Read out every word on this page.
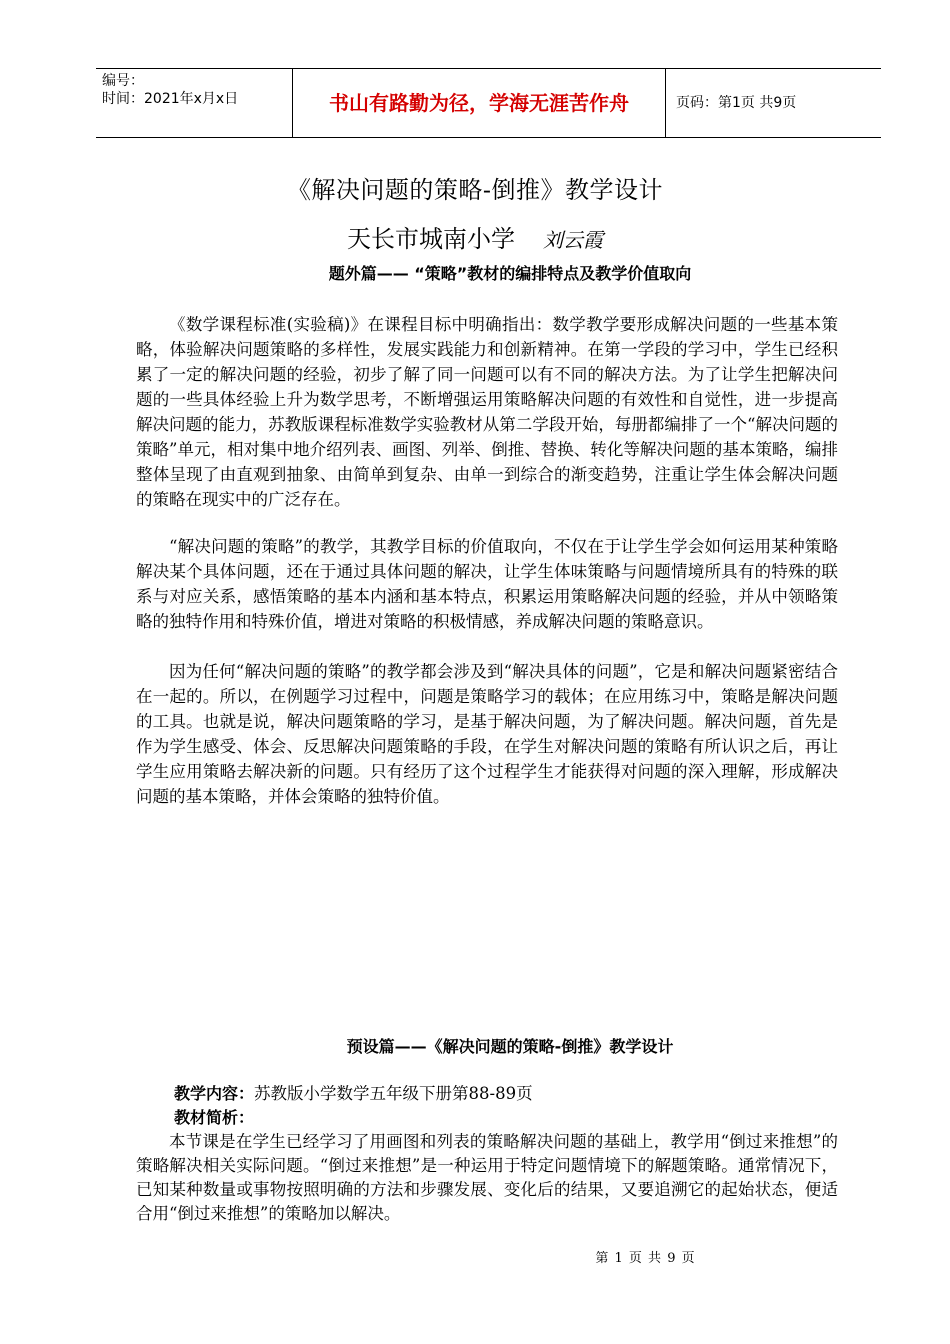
编号：
时间：2021年x月x日	书山有路勤为径，学海无涯苦作舟	页码：第1页 共9页
《解决问题的策略-倒推》教学设计
天长市城南小学 刘云霞
题外篇—— “策略”教材的编排特点及教学价值取向

《数学课程标准(实验稿)》在课程目标中明确指出：数学教学要形成解决问题的一些基本策略，体验解决问题策略的多样性，发展实践能力和创新精神。在第一学段的学习中，学生已经积累了一定的解决问题的经验，初步了解了同一问题可以有不同的解决方法。为了让学生把解决问题的一些具体经验上升为数学思考，不断增强运用策略解决问题的有效性和自觉性，进一步提高解决问题的能力，苏教版课程标准数学实验教材从第二学段开始，每册都编排了一个“解决问题的策略”单元，相对集中地介绍列表、画图、列举、倒推、替换、转化等解决问题的基本策略，编排整体呈现了由直观到抽象、由简单到复杂、由单一到综合的渐变趋势，注重让学生体会解决问题的策略在现实中的广泛存在。

“解决问题的策略”的教学，其教学目标的价值取向，不仅在于让学生学会如何运用某种策略解决某个具体问题，还在于通过具体问题的解决，让学生体味策略与问题情境所具有的特殊的联系与对应关系，感悟策略的基本内涵和基本特点，积累运用策略解决问题的经验，并从中领略策略的独特作用和特殊价值，增进对策略的积极情感，养成解决问题的策略意识。

因为任何“解决问题的策略”的教学都会涉及到“解决具体的问题”，它是和解决问题紧密结合在一起的。所以，在例题学习过程中，问题是策略学习的载体；在应用练习中，策略是解决问题的工具。也就是说，解决问题策略的学习，是基于解决问题，为了解决问题。解决问题，首先是作为学生感受、体会、反思解决问题策略的手段，在学生对解决问题的策略有所认识之后，再让学生应用策略去解决新的问题。只有经历了这个过程学生才能获得对问题的深入理解，形成解决问题的基本策略，并体会策略的独特价值。

预设篇——《解决问题的策略-倒推》教学设计
教学内容：苏教版小学数学五年级下册第88-89页
教材简析：

本节课是在学生已经学习了用画图和列表的策略解决问题的基础上，教学用“倒过来推想”的策略解决相关实际问题。“倒过来推想”是一种运用于特定问题情境下的解题策略。通常情况下，已知某种数量或事物按照明确的方法和步骤发展、变化后的结果，又要追溯它的起始状态，便适合用“倒过来推想”的策略加以解决。

第 1 页 共 9 页
